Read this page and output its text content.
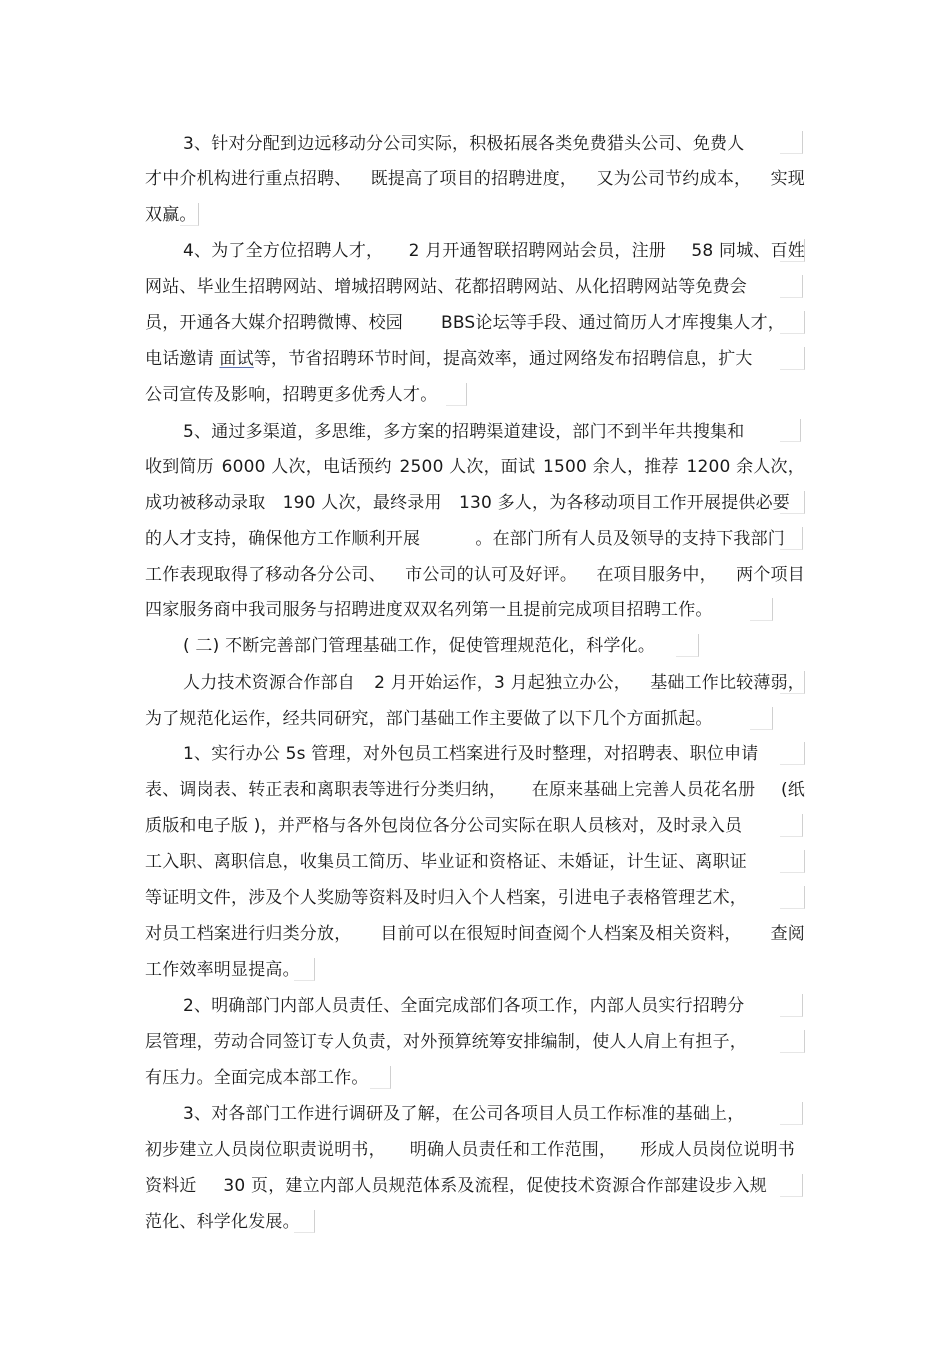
3、针对分配到边远移动分公司实际，积极拓展各类免费猎头公司、免费人
才中介机构进行重点招聘、 既提高了项目的招聘进度， 又为公司节约成本， 实现
双赢。
4、为了全方位招聘人才， 2 月开通智联招聘网站会员，注册 58 同城、百姓
网站、毕业生招聘网站、增城招聘网站、花都招聘网站、从化招聘网站等免费会
员，开通各大媒介招聘微博、校园 BBS论坛等手段、通过简历人才库搜集人才，
电话邀请 面试 等，节省招聘环节时间，提高效率，通过网络发布招聘信息，扩大
公司宣传及影响，招聘更多优秀人才。
5、通过多渠道，多思维，多方案的招聘渠道建设，部门不到半年共搜集和
收到简历 6000 人次，电话预约 2500 人次，面试 1500 余人，推荐 1200 余人次，
成功被移动录取 190 人次，最终录用 130 多人，为各移动项目工作开展提供必要
的人才支持，确保他方工作顺利开展	。在部门所有人员及领导的支持下我部门
工作表现取得了移动各分公司、 市公司的认可及好评。 在项目服务中， 两个项目
四家服务商中我司服务与招聘进度双双名列第一且提前完成项目招聘工作。
( 二) 不断完善部门管理基础工作，促使管理规范化，科学化。
人力技术资源合作部自 2 月开始运作，3 月起独立办公， 基础工作比较薄弱，
为了规范化运作，经共同研究，部门基础工作主要做了以下几个方面抓起。
1、实行办公 5s 管理，对外包员工档案进行及时整理，对招聘表、职位申请
表、调岗表、转正表和离职表等进行分类归纳， 在原来基础上完善人员花名册 (纸
质版和电子版 )，并严格与各外包岗位各分公司实际在职人员核对，及时录入员
工入职、离职信息，收集员工简历、毕业证和资格证、未婚证，计生证、离职证
等证明文件，涉及个人奖励等资料及时归入个人档案，引进电子表格管理艺术，
对员工档案进行归类分放， 目前可以在很短时间查阅个人档案及相关资料， 查阅
工作效率明显提高。
2、明确部门内部人员责任、全面完成部们各项工作，内部人员实行招聘分
层管理，劳动合同签订专人负责，对外预算统筹安排编制，使人人肩上有担子，
有压力。全面完成本部工作。
3、对各部门工作进行调研及了解，在公司各项目人员工作标准的基础上，
初步建立人员岗位职责说明书， 明确人员责任和工作范围， 形成人员岗位说明书
资料近 30 页，建立内部人员规范体系及流程，促使技术资源合作部建设步入规
范化、科学化发展。
